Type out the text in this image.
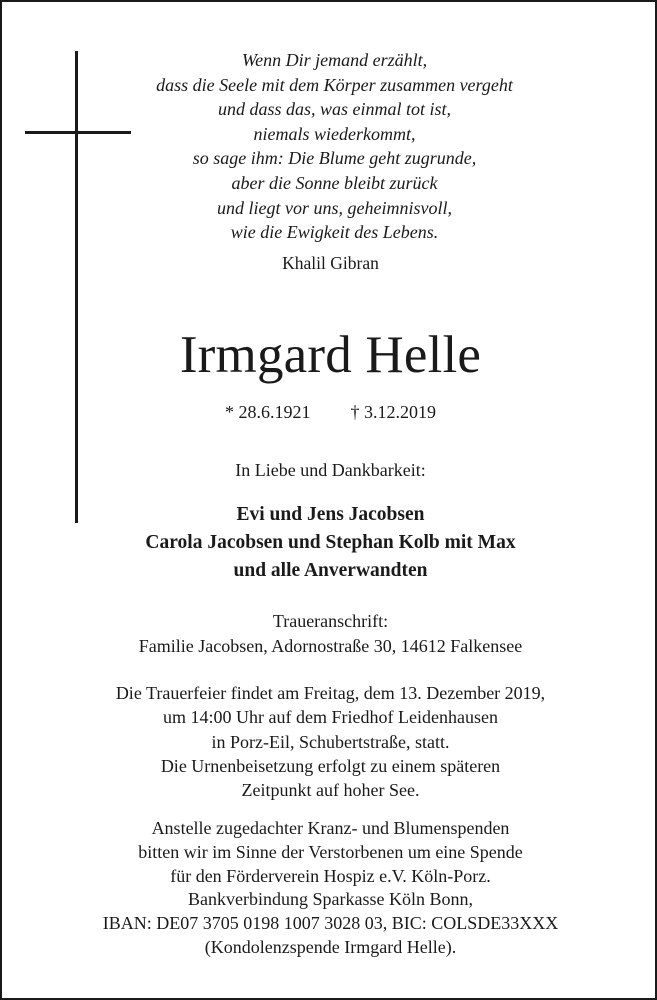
Wenn Dir jemand erzählt,
dass die Seele mit dem Körper zusammen vergeht
und dass das, was einmal tot ist,
niemals wiederkommt,
so sage ihm: Die Blume geht zugrunde,
aber die Sonne bleibt zurück
und liegt vor uns, geheimnisvoll,
wie die Ewigkeit des Lebens.
Khalil Gibran
Irmgard Helle
* 28.6.1921 † 3.12.2019
In Liebe und Dankbarkeit:
Evi und Jens Jacobsen
Carola Jacobsen und Stephan Kolb mit Max
und alle Anverwandten
Traueranschrift:
Familie Jacobsen, Adornostraße 30, 14612 Falkensee
Die Trauerfeier findet am Freitag, dem 13. Dezember 2019,
um 14:00 Uhr auf dem Friedhof Leidenhausen
in Porz-Eil, Schubertstraße, statt.
Die Urnenbeisetzung erfolgt zu einem späteren
Zeitpunkt auf hoher See.
Anstelle zugedachter Kranz- und Blumenspenden
bitten wir im Sinne der Verstorbenen um eine Spende
für den Förderverein Hospiz e.V. Köln-Porz.
Bankverbindung Sparkasse Köln Bonn,
IBAN: DE07 3705 0198 1007 3028 03, BIC: COLSDE33XXX
(Kondolenzspende Irmgard Helle).
